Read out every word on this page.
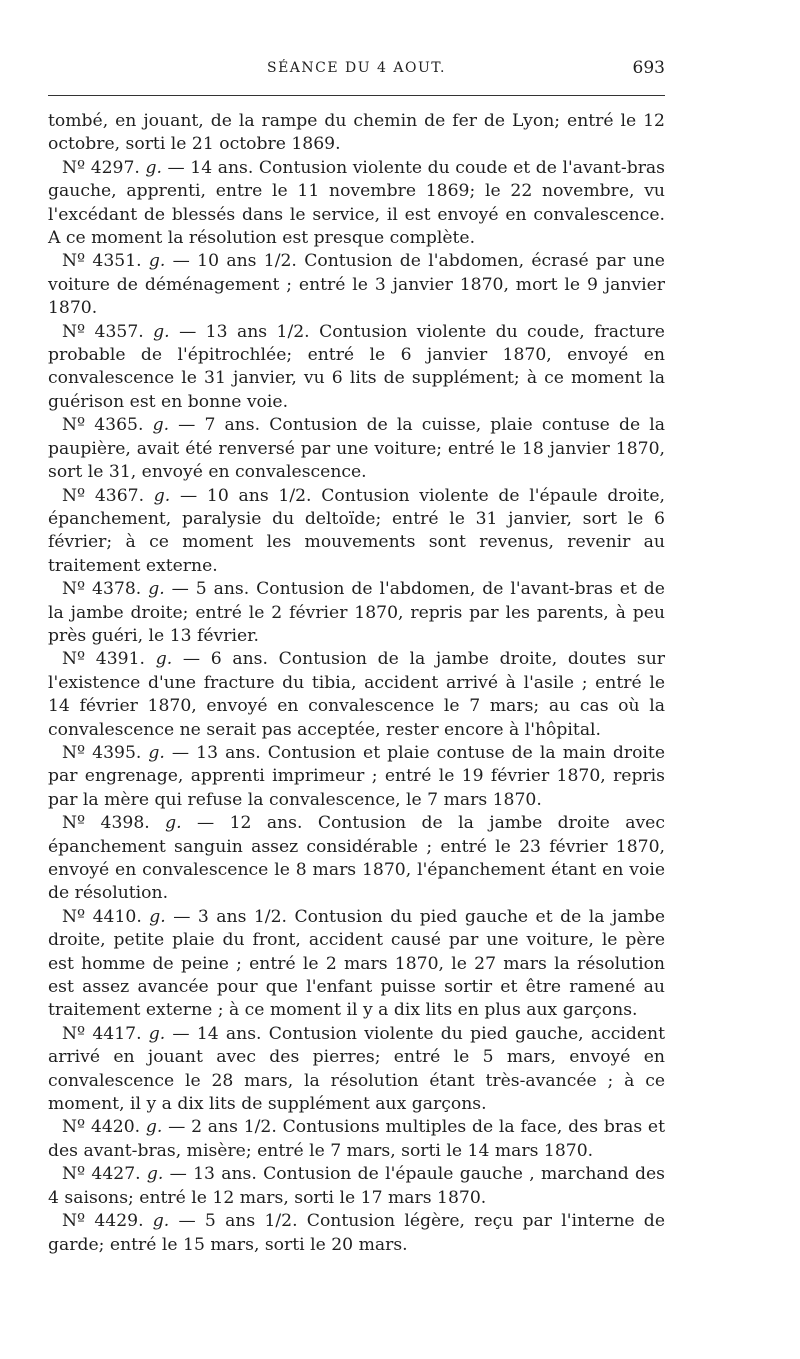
SÉANCE DU 4 AOUT.	693

tombé, en jouant, de la rampe du chemin de fer de Lyon; entré le 12 octobre, sorti le 21 octobre 1869.

Nº 4297. g. — 14 ans. Contusion violente du coude et de l'avant-bras gauche, apprenti, entre le 11 novembre 1869; le 22 novembre, vu l'excédant de blessés dans le service, il est envoyé en convalescence. A ce moment la résolution est presque complète.

Nº 4351. g. — 10 ans 1/2. Contusion de l'abdomen, écrasé par une voiture de déménagement ; entré le 3 janvier 1870, mort le 9 janvier 1870.

Nº 4357. g. — 13 ans 1/2. Contusion violente du coude, fracture probable de l'épitrochlée; entré le 6 janvier 1870, envoyé en convalescence le 31 janvier, vu 6 lits de supplément; à ce moment la guérison est en bonne voie.

Nº 4365. g. — 7 ans. Contusion de la cuisse, plaie contuse de la paupière, avait été renversé par une voiture; entré le 18 janvier 1870, sort le 31, envoyé en convalescence.

Nº 4367. g. — 10 ans 1/2. Contusion violente de l'épaule droite, épanchement, paralysie du deltoïde; entré le 31 janvier, sort le 6 février; à ce moment les mouvements sont revenus, revenir au traitement externe.

Nº 4378. g. — 5 ans. Contusion de l'abdomen, de l'avant-bras et de la jambe droite; entré le 2 février 1870, repris par les parents, à peu près guéri, le 13 février.

Nº 4391. g. — 6 ans. Contusion de la jambe droite, doutes sur l'existence d'une fracture du tibia, accident arrivé à l'asile ; entré le 14 février 1870, envoyé en convalescence le 7 mars; au cas où la convalescence ne serait pas acceptée, rester encore à l'hôpital.

Nº 4395. g. — 13 ans. Contusion et plaie contuse de la main droite par engrenage, apprenti imprimeur ; entré le 19 février 1870, repris par la mère qui refuse la convalescence, le 7 mars 1870.

Nº 4398. g. — 12 ans. Contusion de la jambe droite avec épanchement sanguin assez considérable ; entré le 23 février 1870, envoyé en convalescence le 8 mars 1870, l'épanchement étant en voie de résolution.

Nº 4410. g. — 3 ans 1/2. Contusion du pied gauche et de la jambe droite, petite plaie du front, accident causé par une voiture, le père est homme de peine ; entré le 2 mars 1870, le 27 mars la résolution est assez avancée pour que l'enfant puisse sortir et être ramené au traitement externe ; à ce moment il y a dix lits en plus aux garçons.

Nº 4417. g. — 14 ans. Contusion violente du pied gauche, accident arrivé en jouant avec des pierres; entré le 5 mars, envoyé en convalescence le 28 mars, la résolution étant très-avancée ; à ce moment, il y a dix lits de supplément aux garçons.

Nº 4420. g. — 2 ans 1/2. Contusions multiples de la face, des bras et des avant-bras, misère; entré le 7 mars, sorti le 14 mars 1870.

Nº 4427. g. — 13 ans. Contusion de l'épaule gauche , marchand des 4 saisons; entré le 12 mars, sorti le 17 mars 1870.

Nº 4429. g. — 5 ans 1/2. Contusion légère, reçu par l'interne de garde; entré le 15 mars, sorti le 20 mars.
